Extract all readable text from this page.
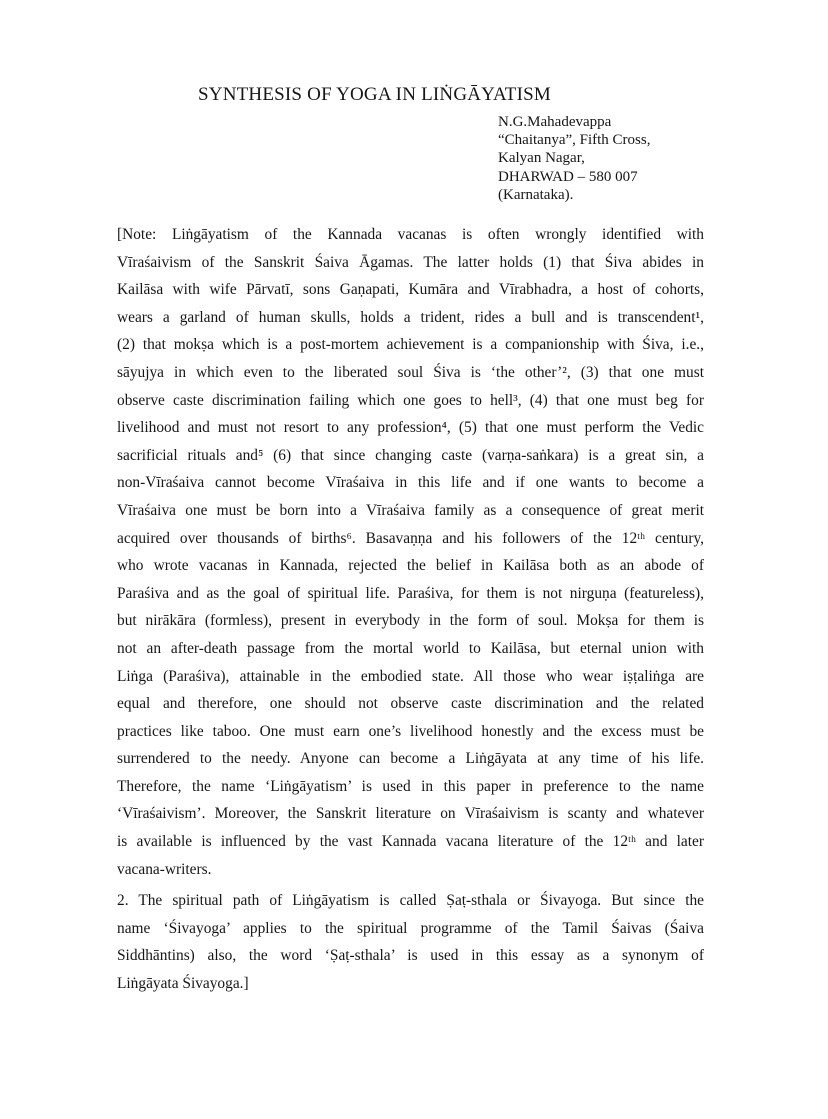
SYNTHESIS OF YOGA IN LIṄGĀYATISM
N.G.Mahadevappa
“Chaitanya”, Fifth Cross,
Kalyan Nagar,
DHARWAD – 580 007
(Karnataka).
[Note: Liṅgāyatism of the Kannada vacanas is often wrongly identified with
Vīraśaivism of the Sanskrit Śaiva Āgamas. The latter holds (1) that Śiva abides in
Kailāsa with wife Pārvatī, sons Gaṇapati, Kumāra and Vīrabhadra, a host of cohorts,
wears a garland of human skulls, holds a trident, rides a bull and is transcendent¹,
(2) that mokṣa which is a post-mortem achievement is a companionship with Śiva, i.e.,
sāyujya in which even to the liberated soul Śiva is ‘the other’², (3) that one must
observe caste discrimination failing which one goes to hell³, (4) that one must beg for
livelihood and must not resort to any profession⁴, (5) that one must perform the Vedic
sacrificial rituals and⁵ (6) that since changing caste (varṇa-saṅkara) is a great sin, a
non-Vīraśaiva cannot become Vīraśaiva in this life and if one wants to become a
Vīraśaiva one must be born into a Vīraśaiva family as a consequence of great merit
acquired over thousands of births⁶. Basavaṇṇa and his followers of the 12ᵗʰ century,
who wrote vacanas in Kannada, rejected the belief in Kailāsa both as an abode of
Paraśiva and as the goal of spiritual life. Paraśiva, for them is not nirguṇa (featureless),
but nirākāra (formless), present in everybody in the form of soul. Mokṣa for them is
not an after-death passage from the mortal world to Kailāsa, but eternal union with
Liṅga (Paraśiva), attainable in the embodied state. All those who wear iṣṭaliṅga are
equal and therefore, one should not observe caste discrimination and the related
practices like taboo. One must earn one’s livelihood honestly and the excess must be
surrendered to the needy. Anyone can become a Liṅgāyata at any time of his life.
Therefore, the name ‘Liṅgāyatism’ is used in this paper in preference to the name
‘Vīraśaivism’. Moreover, the Sanskrit literature on Vīraśaivism is scanty and whatever
is available is influenced by the vast Kannada vacana literature of the 12ᵗʰ and later
vacana-writers.
2. The spiritual path of Liṅgāyatism is called Ṣaṭ-sthala or Śivayoga. But since the
name ‘Śivayoga’ applies to the spiritual programme of the Tamil Śaivas (Śaiva
Siddhāntins) also, the word ‘Ṣaṭ-sthala’ is used in this essay as a synonym of
Liṅgāyata Śivayoga.]
